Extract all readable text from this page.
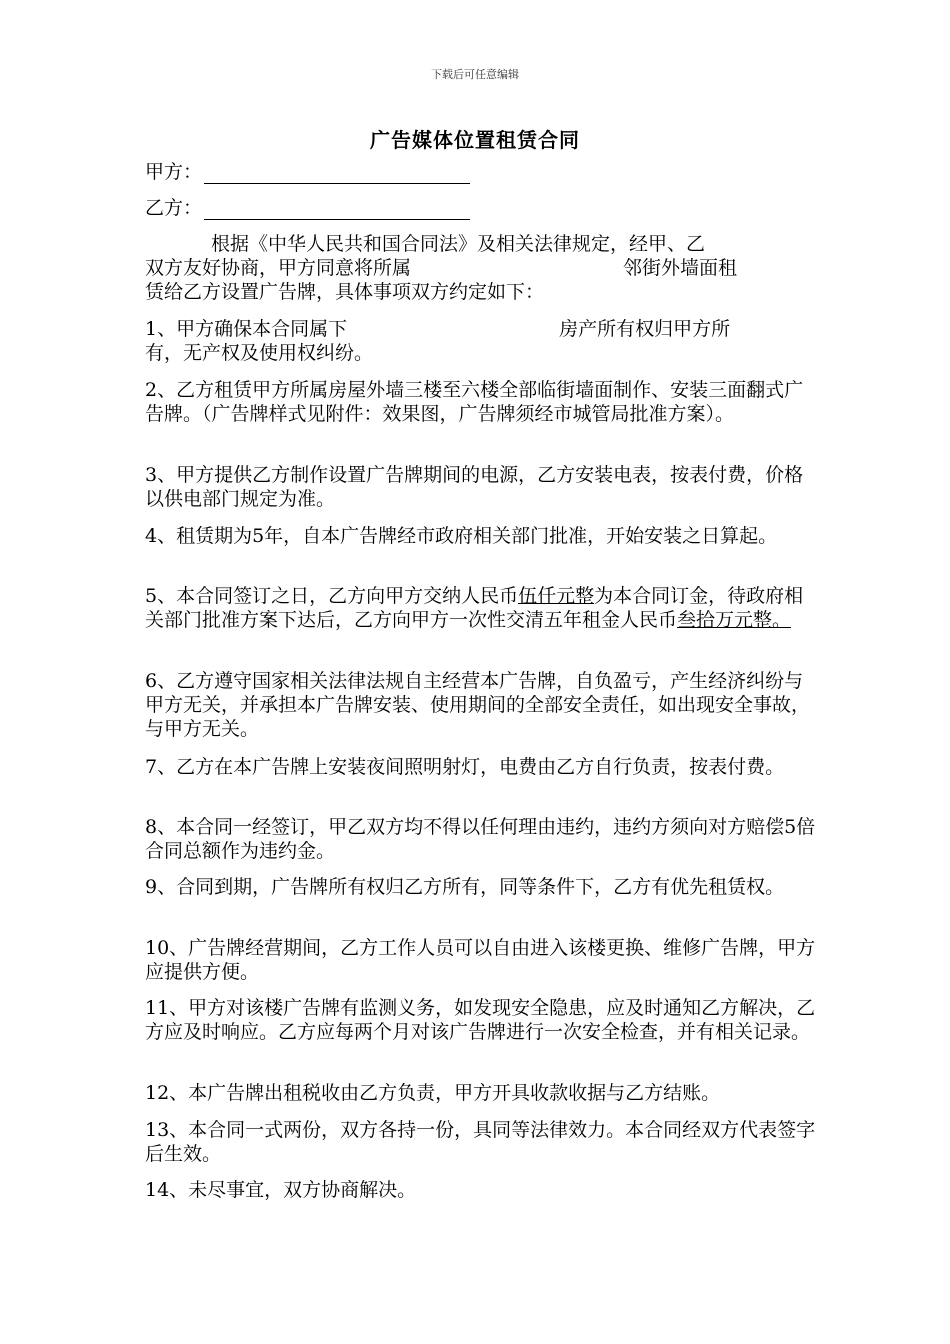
下载后可任意编辑
广告媒体位置租赁合同
甲方：
乙方：

根据《中华人民共和国合同法》及相关法律规定，经甲、乙

双方友好协商，甲方同意将所属	邻街外墙面租

赁给乙方设置广告牌，具体事项双方约定如下：

1、甲方确保本合同属下	房产所有权归甲方所

有，无产权及使用权纠纷。

2、乙方租赁甲方所属房屋外墙三楼至六楼全部临街墙面制作、安装三面翻式广告牌。（广告牌样式见附件：效果图，广告牌须经市城管局批准方案）。
3、甲方提供乙方制作设置广告牌期间的电源，乙方安装电表，按表付费，价格以供电部门规定为准。
4、租赁期为5年，自本广告牌经市政府相关部门批准，开始安装之日算起。
5、本合同签订之日，乙方向甲方交纳人民币伍仟元整为本合同订金，待政府相关部门批准方案下达后，乙方向甲方一次性交清五年租金人民币叁拾万元整。
6、乙方遵守国家相关法律法规自主经营本广告牌，自负盈亏，产生经济纠纷与甲方无关，并承担本广告牌安装、使用期间的全部安全责任，如出现安全事故，与甲方无关。
7、乙方在本广告牌上安装夜间照明射灯，电费由乙方自行负责，按表付费。
8、本合同一经签订，甲乙双方均不得以任何理由违约，违约方须向对方赔偿5倍合同总额作为违约金。
9、合同到期，广告牌所有权归乙方所有，同等条件下，乙方有优先租赁权。
10、广告牌经营期间，乙方工作人员可以自由进入该楼更换、维修广告牌，甲方应提供方便。
11、甲方对该楼广告牌有监测义务，如发现安全隐患，应及时通知乙方解决，乙方应及时响应。乙方应每两个月对该广告牌进行一次安全检查，并有相关记录。
12、本广告牌出租税收由乙方负责，甲方开具收款收据与乙方结账。
13、本合同一式两份，双方各持一份，具同等法律效力。本合同经双方代表签字后生效。
14、未尽事宜，双方协商解决。
